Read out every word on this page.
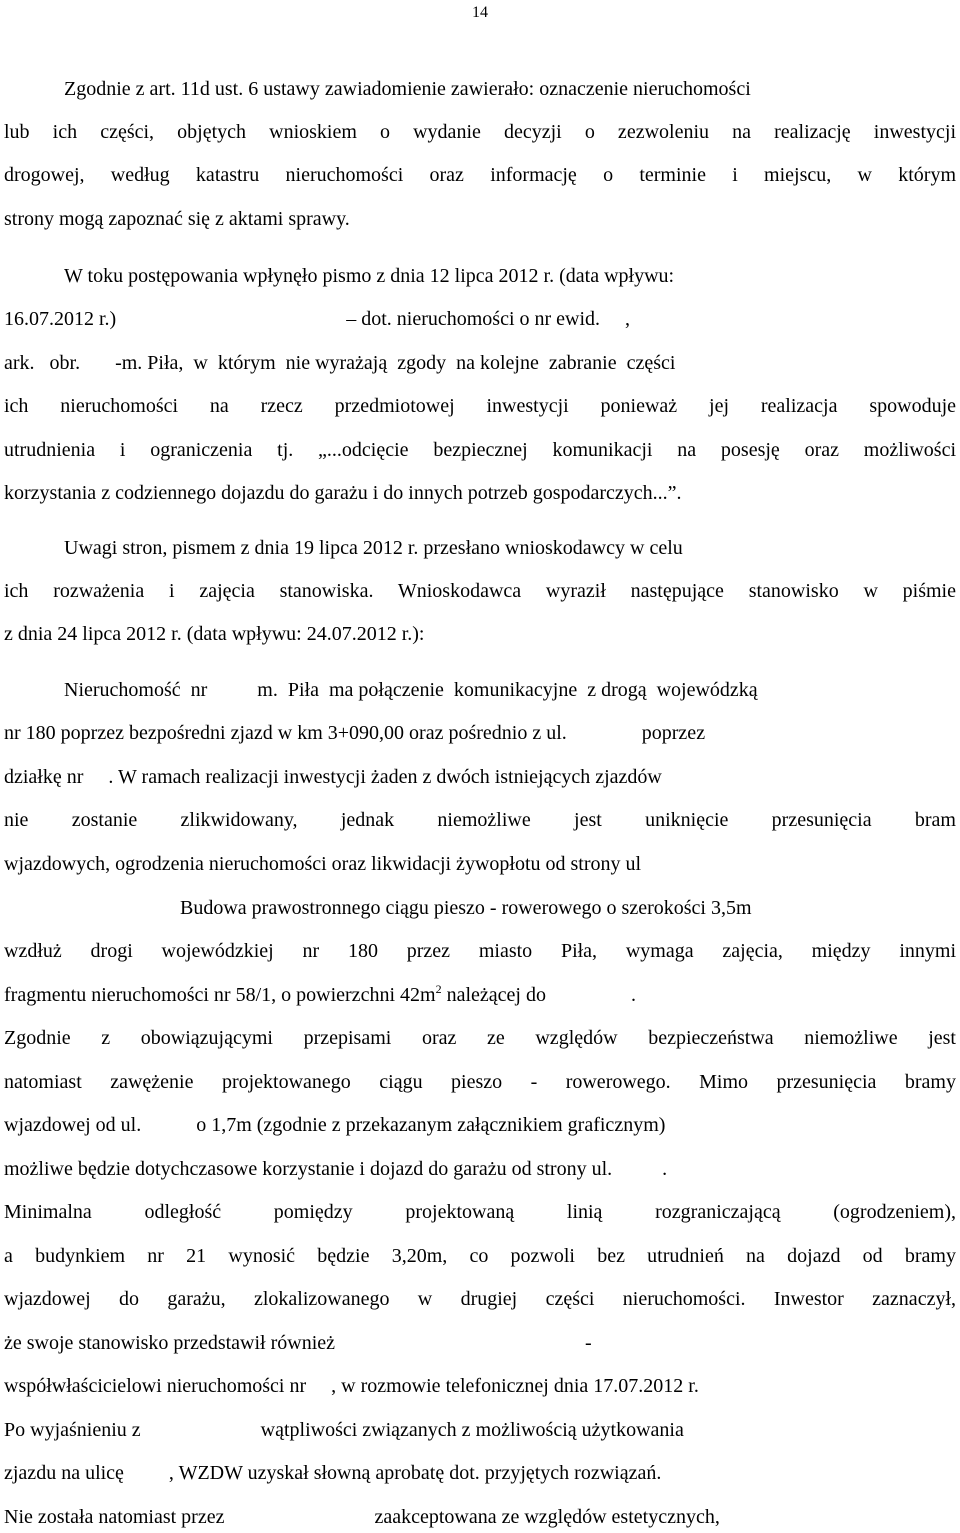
14
Zgodnie z art. 11d ust. 6 ustawy zawiadomienie zawierało: oznaczenie nieruchomości
lub ich części, objętych wnioskiem o wydanie decyzji o zezwoleniu na realizację inwestycji
drogowej, według katastru nieruchomości oraz informację o terminie i miejscu, w którym
strony mogą zapoznać się z aktami sprawy.
W toku postępowania wpłynęło pismo z dnia 12 lipca 2012 r. (data wpływu:
16.07.2012 r.)                                              – dot. nieruchomości o nr ewid.     ,
ark.   obr.       -m. Piła,  w  którym  nie wyrażają  zgody  na kolejne  zabranie  części
ich nieruchomości na rzecz przedmiotowej inwestycji ponieważ jej realizacja spowoduje
utrudnienia i ograniczenia tj. „...odcięcie bezpiecznej komunikacji na posesję oraz możliwości
korzystania z codziennego dojazdu do garażu i do innych potrzeb gospodarczych...”.
Uwagi stron, pismem z dnia 19 lipca 2012 r. przesłano wnioskodawcy w celu
ich rozważenia i zajęcia stanowiska. Wnioskodawca wyraził następujące stanowisko w piśmie
z dnia 24 lipca 2012 r. (data wpływu: 24.07.2012 r.):
Nieruchomość  nr          m.  Piła  ma połączenie  komunikacyjne  z drogą  wojewódzką
nr 180 poprzez bezpośredni zjazd w km 3+090,00 oraz pośrednio z ul.               poprzez
działkę nr     . W ramach realizacji inwestycji żaden z dwóch istniejących zjazdów
nie zostanie zlikwidowany, jednak niemożliwe jest uniknięcie przesunięcia bram
wjazdowych, ogrodzenia nieruchomości oraz likwidacji żywopłotu od strony ul
Budowa prawostronnego ciągu pieszo - rowerowego o szerokości 3,5m
wzdłuż drogi wojewódzkiej nr 180 przez miasto Piła, wymaga zajęcia, między innymi
fragmentu nieruchomości nr 58/1, o powierzchni $42m^2$ należącej do                 .
Zgodnie z obowiązującymi przepisami oraz ze względów bezpieczeństwa niemożliwe jest
natomiast zawężenie projektowanego ciągu pieszo - rowerowego. Mimo przesunięcia bramy
wjazdowej od ul.           o 1,7m (zgodnie z przekazanym załącznikiem graficznym)
możliwe będzie dotychczasowe korzystanie i dojazd do garażu od strony ul.          .
Minimalna odległość pomiędzy projektowaną linią rozgraniczającą (ogrodzeniem),
a budynkiem nr 21 wynosić będzie 3,20m, co pozwoli bez utrudnień na dojazd od bramy
wjazdowej do garażu, zlokalizowanego w drugiej części nieruchomości. Inwestor zaznaczył,
że swoje stanowisko przedstawił również                                                  -
współwłaścicielowi nieruchomości nr     , w rozmowie telefonicznej dnia 17.07.2012 r.
Po wyjaśnieniu z                        wątpliwości związanych z możliwością użytkowania
zjazdu na ulicę         , WZDW uzyskał słowną aprobatę dot. przyjętych rozwiązań.
Nie została natomiast przez                              zaakceptowana ze względów estetycznych,
